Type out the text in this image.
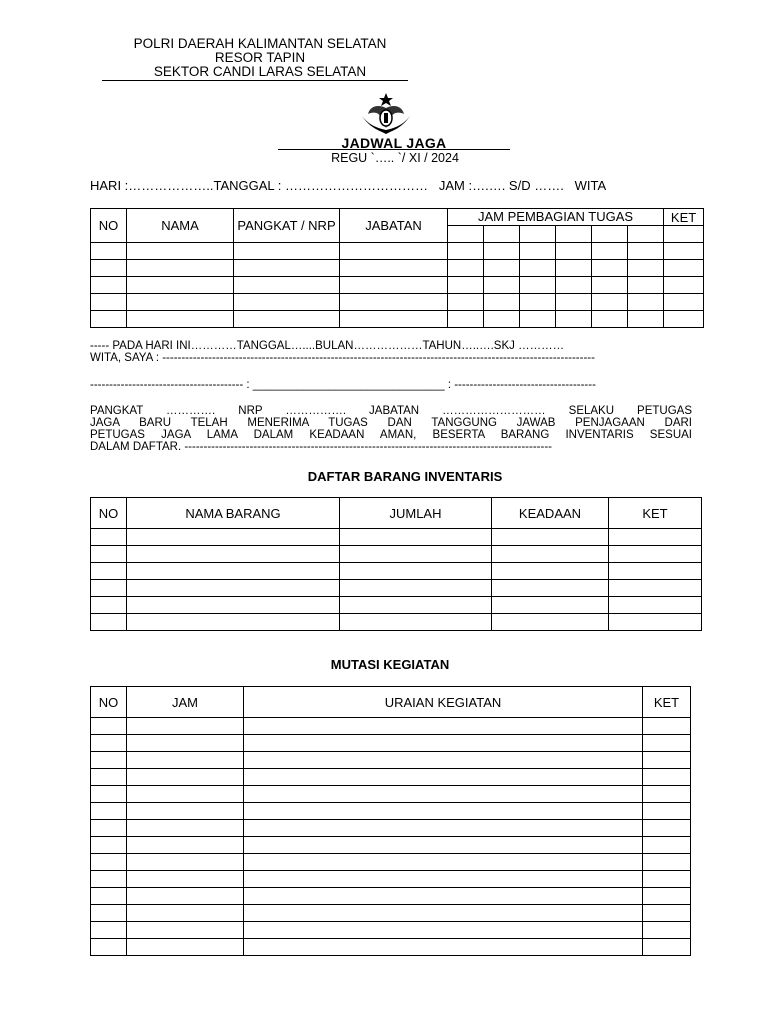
POLRI DAERAH KALIMANTAN SELATAN
RESOR TAPIN
SEKTOR CANDI LARAS SELATAN
JADWAL JAGA
REGU `….. `/ XI / 2024
HARI :………………..TANGGAL : ……………………………   JAM :….…. S/D …….   WITA
NO	NAMA	PANGKAT / NRP	JABATAN	JAM PEMBAGIAN TUGAS						KET

----- PADA HARI INI…………TANGGAL…....BULAN………………TAHUN…..….SKJ …………
WITA, SAYA : -----------------------------------------------------------------------------------------------------------------
---------------------------------------- : ______________________________ : -------------------------------------
PANGKAT …………. NRP ……………. JABATAN ……………………… SELAKU PETUGAS
JAGA BARU TELAH MENERIMA TUGAS DAN TANGGUNG JAWAB PENJAGAAN DARI
PETUGAS JAGA LAMA DALAM KEADAAN AMAN, BESERTA BARANG INVENTARIS SESUAI
DALAM DAFTAR. ------------------------------------------------------------------------------------------------
DAFTAR BARANG INVENTARIS
NO	NAMA BARANG	JUMLAH	KEADAAN	KET

MUTASI KEGIATAN
NO	JAM	URAIAN KEGIATAN	KET
